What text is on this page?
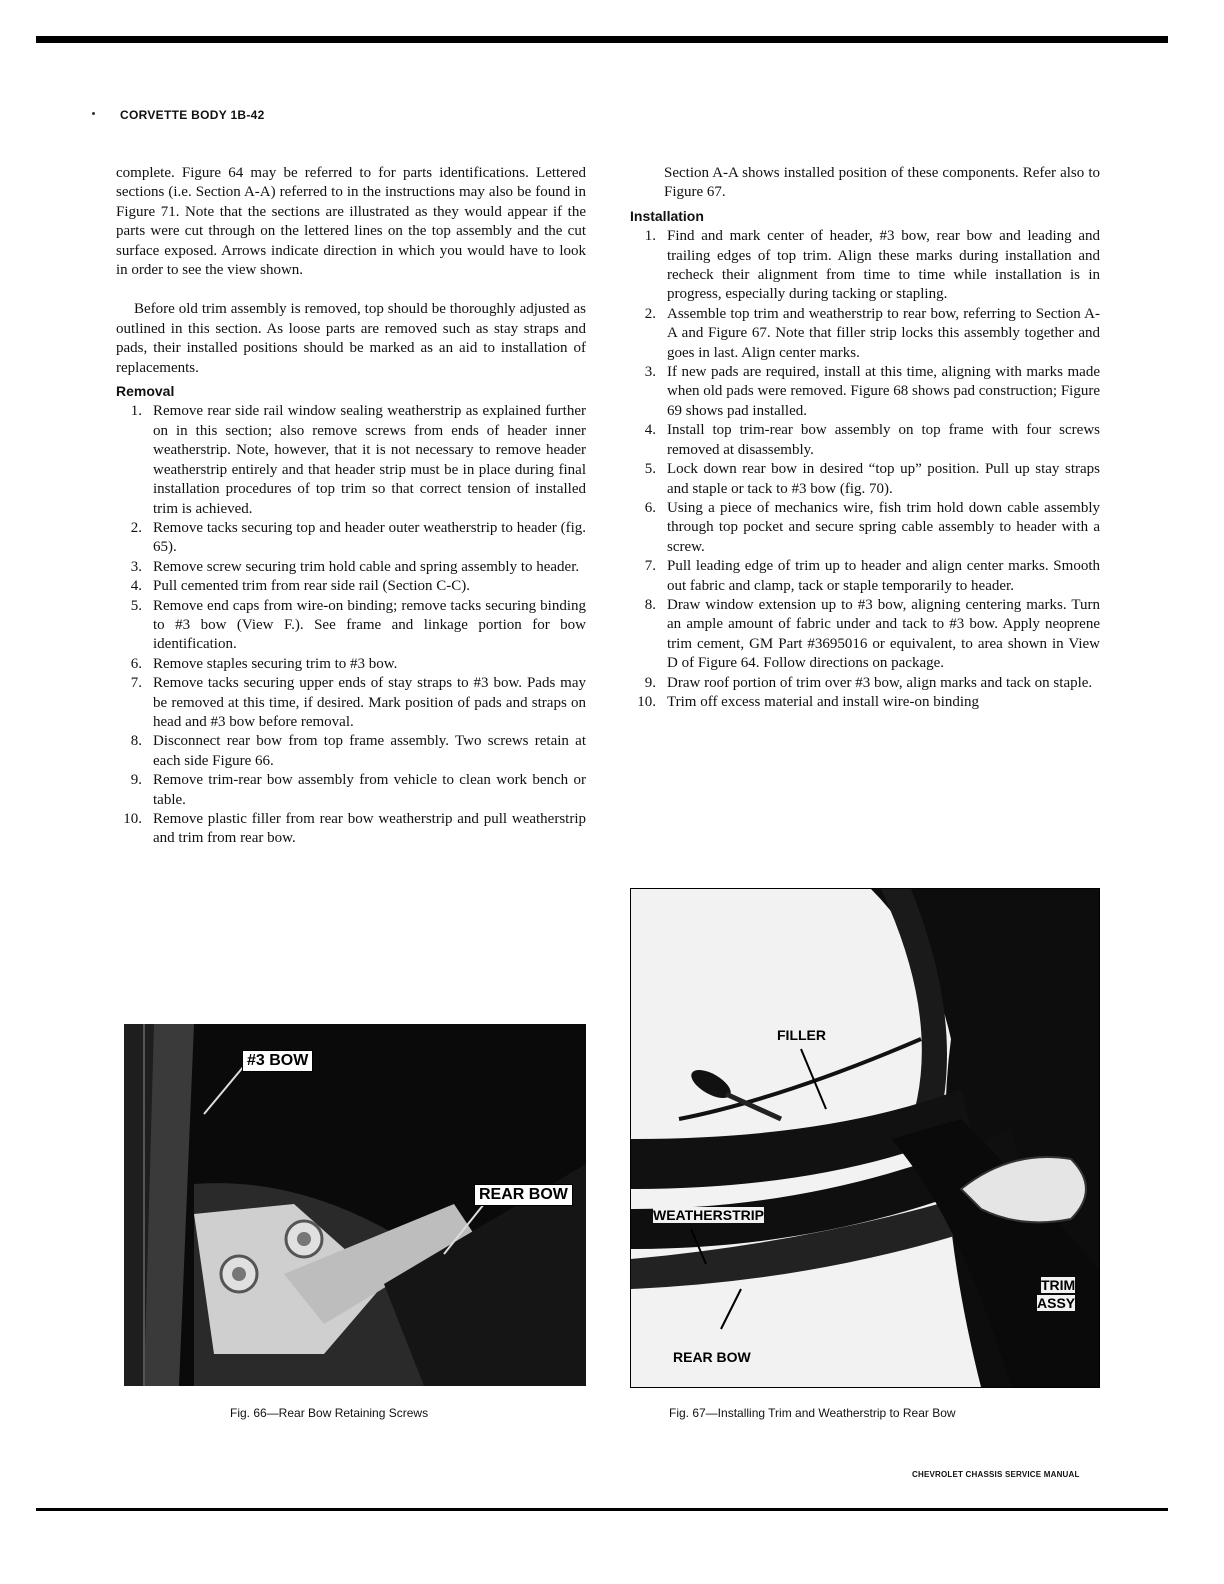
CORVETTE BODY 1B-42

complete. Figure 64 may be referred to for parts identifications. Lettered sections (i.e. Section A-A) referred to in the instructions may also be found in Figure 71. Note that the sections are illustrated as they would appear if the parts were cut through on the lettered lines on the top assembly and the cut surface exposed. Arrows indicate direction in which you would have to look in order to see the view shown.

Before old trim assembly is removed, top should be thoroughly adjusted as outlined in this section. As loose parts are removed such as stay straps and pads, their installed positions should be marked as an aid to installation of replacements.

Removal
1. Remove rear side rail window sealing weatherstrip as explained further on in this section; also remove screws from ends of header inner weatherstrip. Note, however, that it is not necessary to remove header weatherstrip entirely and that header strip must be in place during final installation procedures of top trim so that correct tension of installed trim is achieved.
2. Remove tacks securing top and header outer weatherstrip to header (fig. 65).
3. Remove screw securing trim hold cable and spring assembly to header.
4. Pull cemented trim from rear side rail (Section C-C).
5. Remove end caps from wire-on binding; remove tacks securing binding to #3 bow (View F.). See frame and linkage portion for bow identification.
6. Remove staples securing trim to #3 bow.
7. Remove tacks securing upper ends of stay straps to #3 bow. Pads may be removed at this time, if desired. Mark position of pads and straps on head and #3 bow before removal.
8. Disconnect rear bow from top frame assembly. Two screws retain at each side Figure 66.
9. Remove trim-rear bow assembly from vehicle to clean work bench or table.
10. Remove plastic filler from rear bow weatherstrip and pull weatherstrip and trim from rear bow.

Section A-A shows installed position of these components. Refer also to Figure 67.

Installation
1. Find and mark center of header, #3 bow, rear bow and leading and trailing edges of top trim. Align these marks during installation and recheck their alignment from time to time while installation is in progress, especially during tacking or stapling.
2. Assemble top trim and weatherstrip to rear bow, referring to Section A-A and Figure 67. Note that filler strip locks this assembly together and goes in last. Align center marks.
3. If new pads are required, install at this time, aligning with marks made when old pads were removed. Figure 68 shows pad construction; Figure 69 shows pad installed.
4. Install top trim-rear bow assembly on top frame with four screws removed at disassembly.
5. Lock down rear bow in desired “top up” position. Pull up stay straps and staple or tack to #3 bow (fig. 70).
6. Using a piece of mechanics wire, fish trim hold down cable assembly through top pocket and secure spring cable assembly to header with a screw.
7. Pull leading edge of trim up to header and align center marks. Smooth out fabric and clamp, tack or staple temporarily to header.
8. Draw window extension up to #3 bow, aligning centering marks. Turn an ample amount of fabric under and tack to #3 bow. Apply neoprene trim cement, GM Part #3695016 or equivalent, to area shown in View D of Figure 64. Follow directions on package.
9. Draw roof portion of trim over #3 bow, align marks and tack on staple.
10. Trim off excess material and install wire-on binding
#3 BOW
REAR BOW
Fig. 66—Rear Bow Retaining Screws
FILLER
WEATHERSTRIP
TRIM
ASSY
REAR BOW
Fig. 67—Installing Trim and Weatherstrip to Rear Bow
CHEVROLET CHASSIS SERVICE MANUAL
